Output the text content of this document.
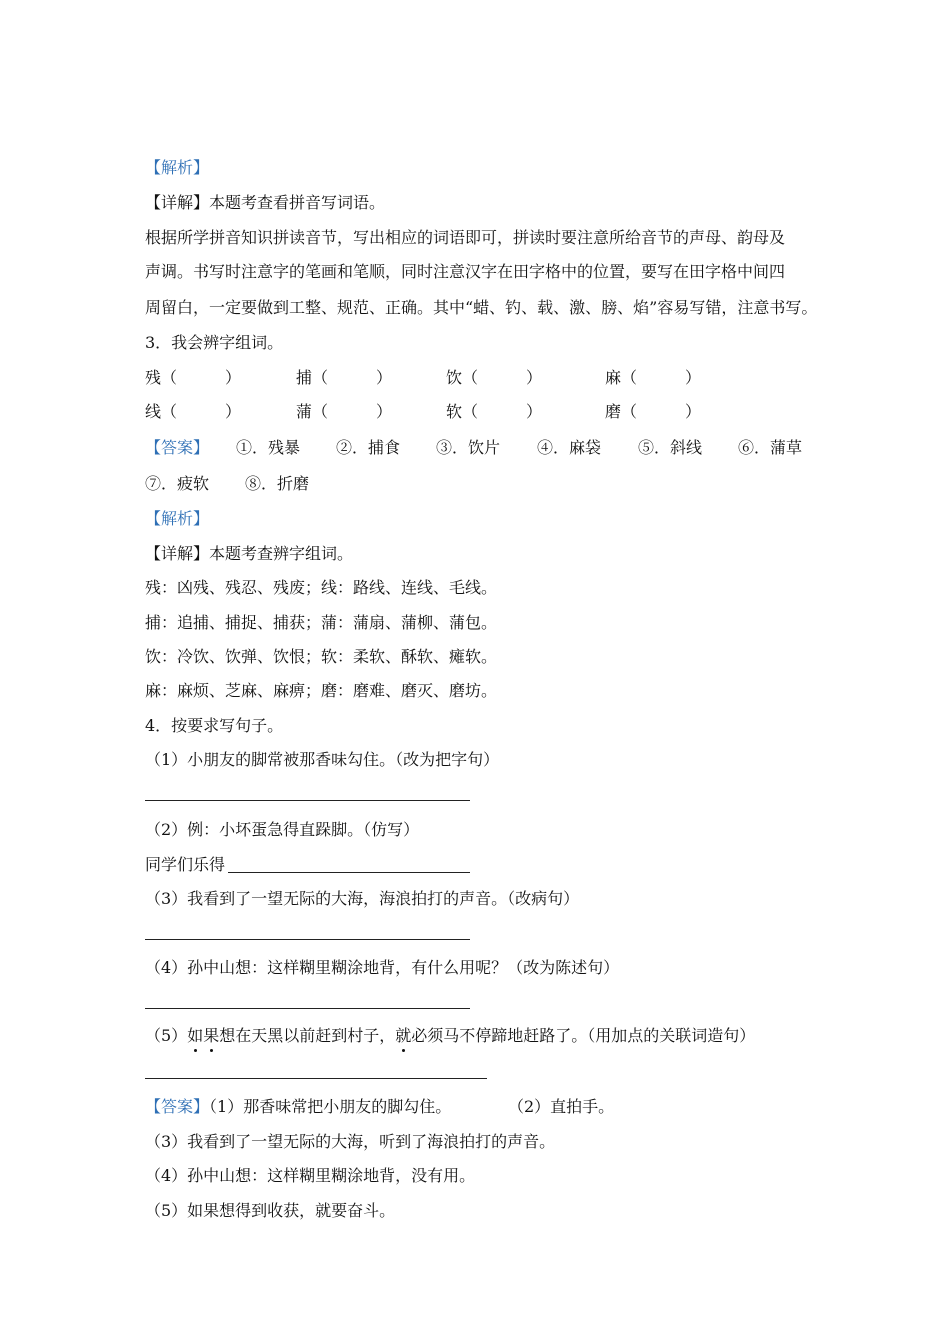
【解析】
【详解】本题考查看拼音写词语。
根据所学拼音知识拼读音节，写出相应的词语即可，拼读时要注意所给音节的声母、韵母及
声调。书写时注意字的笔画和笔顺，同时注意汉字在田字格中的位置，要写在田字格中间四
周留白，一定要做到工整、规范、正确。其中“蜡、钓、载、激、膀、焰”容易写错，注意书写。
3．我会辨字组词。
残（　　　）	捕（　　　）	饮（　　　）	麻（　　　）
线（　　　）	蒲（　　　）	软（　　　）	磨（　　　）
【答案】 ①．残暴 ②．捕食 ③．饮片 ④．麻袋 ⑤．斜线 ⑥．蒲草
⑦．疲软 ⑧．折磨
【解析】
【详解】本题考查辨字组词。
残：凶残、残忍、残废；线：路线、连线、毛线。
捕：追捕、捕捉、捕获；蒲：蒲扇、蒲柳、蒲包。
饮：冷饮、饮弹、饮恨；软：柔软、酥软、瘫软。
麻：麻烦、芝麻、麻痹；磨：磨难、磨灭、磨坊。
4．按要求写句子。
（1）小朋友的脚常被那香味勾住。（改为把字句）
（2）例：小坏蛋急得直跺脚。（仿写）
同学们乐得
（3）我看到了一望无际的大海，海浪拍打的声音。（改病句）
（4）孙中山想：这样糊里糊涂地背，有什么用呢？（改为陈述句）
（5）如果想在天黑以前赶到村子，就必须马不停蹄地赶路了。（用加点的关联词造句）
【答案】（1）那香味常把小朋友的脚勾住。	（2）直拍手。
（3）我看到了一望无际的大海，听到了海浪拍打的声音。
（4）孙中山想：这样糊里糊涂地背，没有用。
（5）如果想得到收获，就要奋斗。
